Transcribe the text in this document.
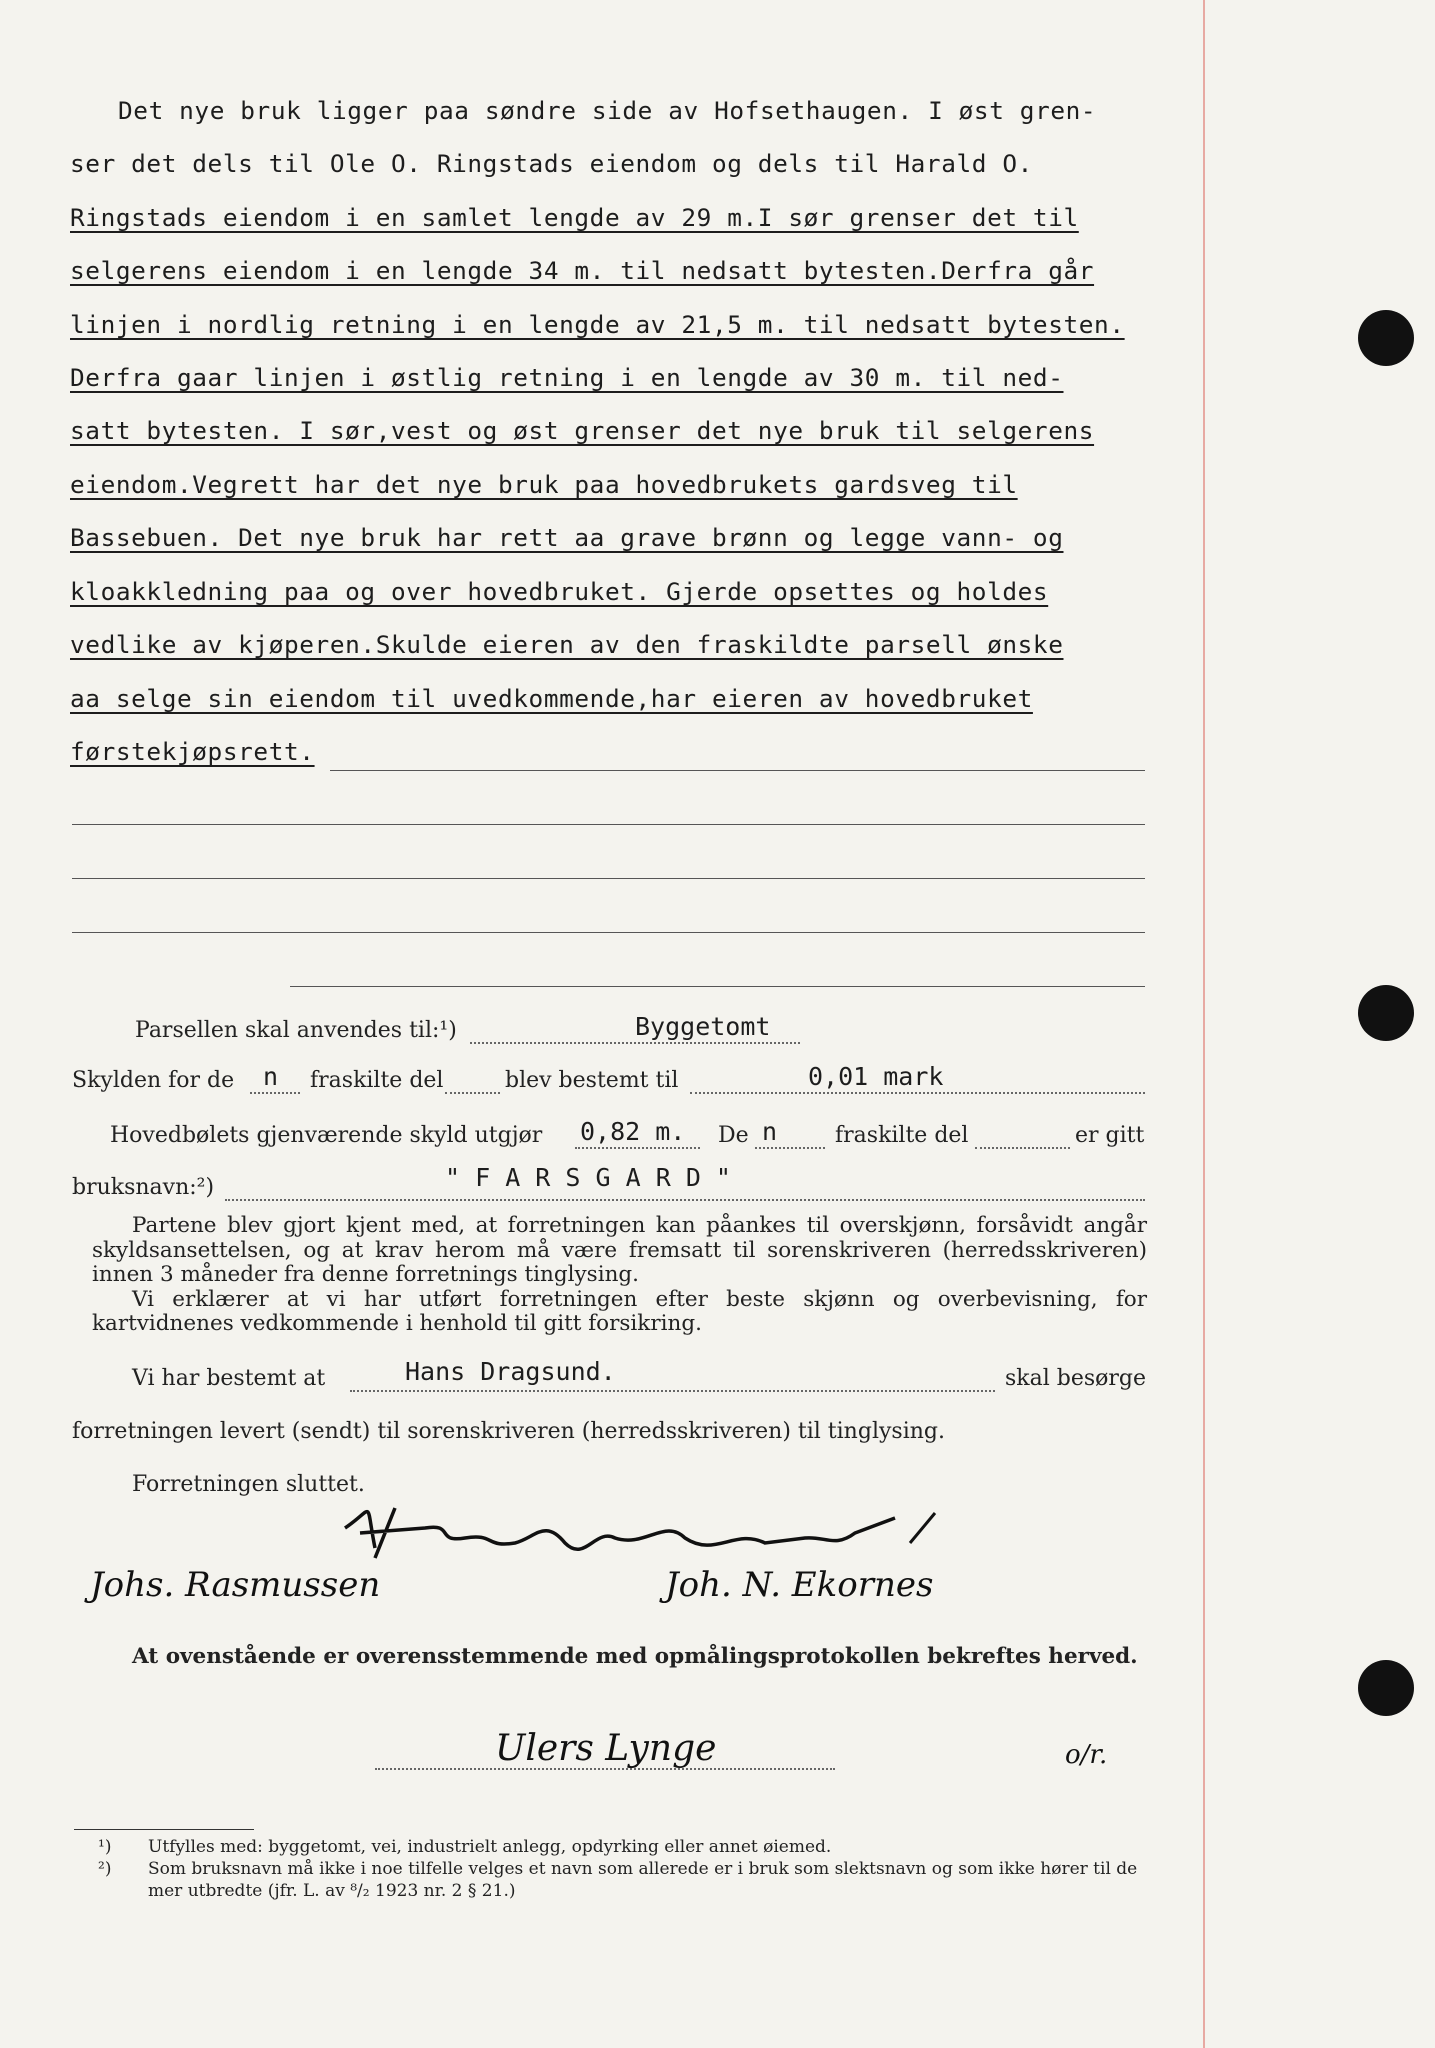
Det nye bruk ligger paa søndre side av Hofsethaugen. I øst gren-
ser det dels til Ole O. Ringstads eiendom og dels til Harald O.
Ringstads eiendom i en samlet lengde av 29 m.I sør grenser det til
selgerens eiendom i en lengde 34 m. til nedsatt bytesten.Derfra går
linjen i nordlig retning i en lengde av 21,5 m. til nedsatt bytesten.
Derfra gaar linjen i østlig retning i en lengde av 30 m. til ned-
satt bytesten. I sør,vest og øst grenser det nye bruk til selgerens
eiendom.Vegrett har det nye bruk paa hovedbrukets gardsveg til
Bassebuen. Det nye bruk har rett aa grave brønn og legge vann- og
kloakkledning paa og over hovedbruket. Gjerde opsettes og holdes
vedlike av kjøperen.Skulde eieren av den fraskildte parsell ønske
aa selge sin eiendom til uvedkommende,har eieren av hovedbruket
førstekjøpsrett.
Parsellen skal anvendes til:¹)	Byggetomt
Skylden for de n fraskilte del	blev bestemt til	0,01 mark
Hovedbølets gjenværende skyld utgjør 0,82 m. De n	fraskilte del	er gitt
bruksnavn:²)	" F A R S G A R D "

Partene blev gjort kjent med, at forretningen kan påankes til overskjønn, forsåvidt angår skyldsansettelsen, og at krav herom må være fremsatt til sorenskriveren (herredsskriveren) innen 3 måneder fra denne forretnings tinglysing.

Vi erklærer at vi har utført forretningen efter beste skjønn og overbevisning, for kartvidnenes vedkommende i henhold til gitt forsikring.

Vi har bestemt at	Hans Dragsund.	skal besørge
forretningen levert (sendt) til sorenskriveren (herredsskriveren) til tinglysing.
Forretningen sluttet.
Johs. Rasmussen	Joh. N. Ekornes
At ovenstående er overensstemmende med opmålingsprotokollen bekreftes herved.
Ulers Lynge	o/r.
¹)	Utfylles med: byggetomt, vei, industrielt anlegg, opdyrking eller annet øiemed.
²)	Som bruksnavn må ikke i noe tilfelle velges et navn som allerede er i bruk som slektsnavn og som ikke hører til de mer utbredte (jfr. L. av ⁸/₂ 1923 nr. 2 § 21.)
